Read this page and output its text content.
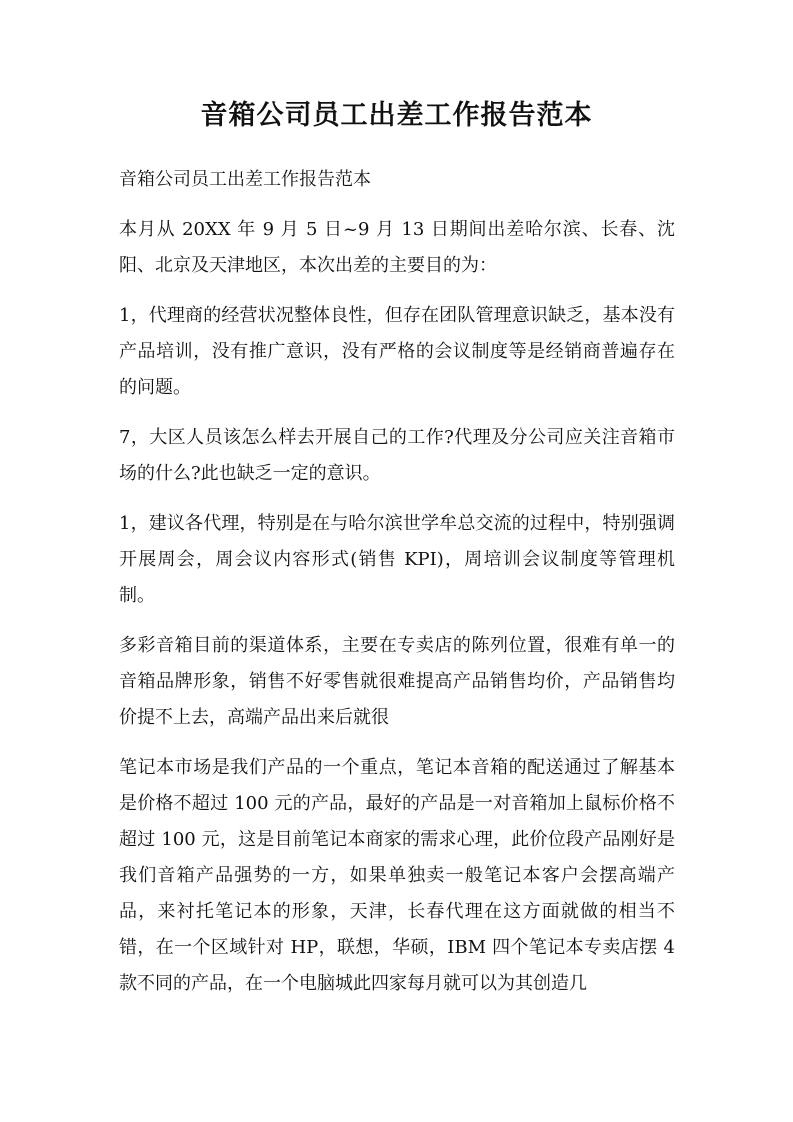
音箱公司员工出差工作报告范本

音箱公司员工出差工作报告范本

本月从 20XX 年 9 月 5 日~9 月 13 日期间出差哈尔滨、长春、沈阳、北京及天津地区，本次出差的主要目的为：

1，代理商的经营状况整体良性，但存在团队管理意识缺乏，基本没有产品培训，没有推广意识，没有严格的会议制度等是经销商普遍存在的问题。

7，大区人员该怎么样去开展自己的工作?代理及分公司应关注音箱市场的什么?此也缺乏一定的意识。

1，建议各代理，特别是在与哈尔滨世学牟总交流的过程中，特别强调开展周会，周会议内容形式(销售 KPI)，周培训会议制度等管理机制。

多彩音箱目前的渠道体系，主要在专卖店的陈列位置，很难有单一的音箱品牌形象，销售不好零售就很难提高产品销售均价，产品销售均价提不上去，高端产品出来后就很

笔记本市场是我们产品的一个重点，笔记本音箱的配送通过了解基本是价格不超过 100 元的产品，最好的产品是一对音箱加上鼠标价格不超过 100 元，这是目前笔记本商家的需求心理，此价位段产品刚好是我们音箱产品强势的一方，如果单独卖一般笔记本客户会摆高端产品，来衬托笔记本的形象，天津，长春代理在这方面就做的相当不错，在一个区域针对 HP，联想，华硕，IBM 四个笔记本专卖店摆 4 款不同的产品，在一个电脑城此四家每月就可以为其创造几
